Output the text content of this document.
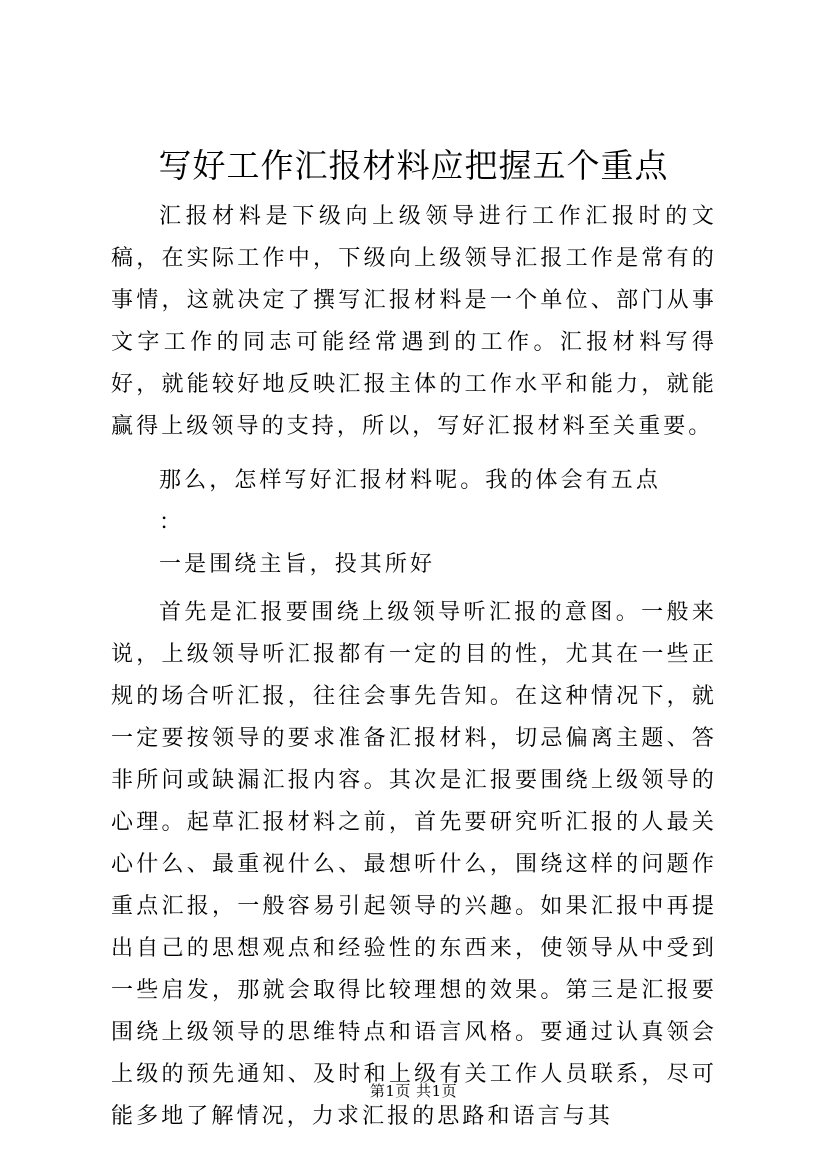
写好工作汇报材料应把握五个重点

汇报材料是下级向上级领导进行工作汇报时的文稿，在实际工作中，下级向上级领导汇报工作是常有的事情，这就决定了撰写汇报材料是一个单位、部门从事文字工作的同志可能经常遇到的工作。汇报材料写得好，就能较好地反映汇报主体的工作水平和能力，就能赢得上级领导的支持，所以，写好汇报材料至关重要。

那么，怎样写好汇报材料呢。我的体会有五点

：

一是围绕主旨，投其所好

首先是汇报要围绕上级领导听汇报的意图。一般来说，上级领导听汇报都有一定的目的性，尤其在一些正规的场合听汇报，往往会事先告知。在这种情况下，就一定要按领导的要求准备汇报材料，切忌偏离主题、答非所问或缺漏汇报内容。其次是汇报要围绕上级领导的心理。起草汇报材料之前，首先要研究听汇报的人最关心什么、最重视什么、最想听什么，围绕这样的问题作重点汇报，一般容易引起领导的兴趣。如果汇报中再提出自己的思想观点和经验性的东西来，使领导从中受到一些启发，那就会取得比较理想的效果。第三是汇报要围绕上级领导的思维特点和语言风格。要通过认真领会上级的预先通知、及时和上级有关工作人员联系，尽可能多地了解情况，力求汇报的思路和语言与其

第1页 共1页
